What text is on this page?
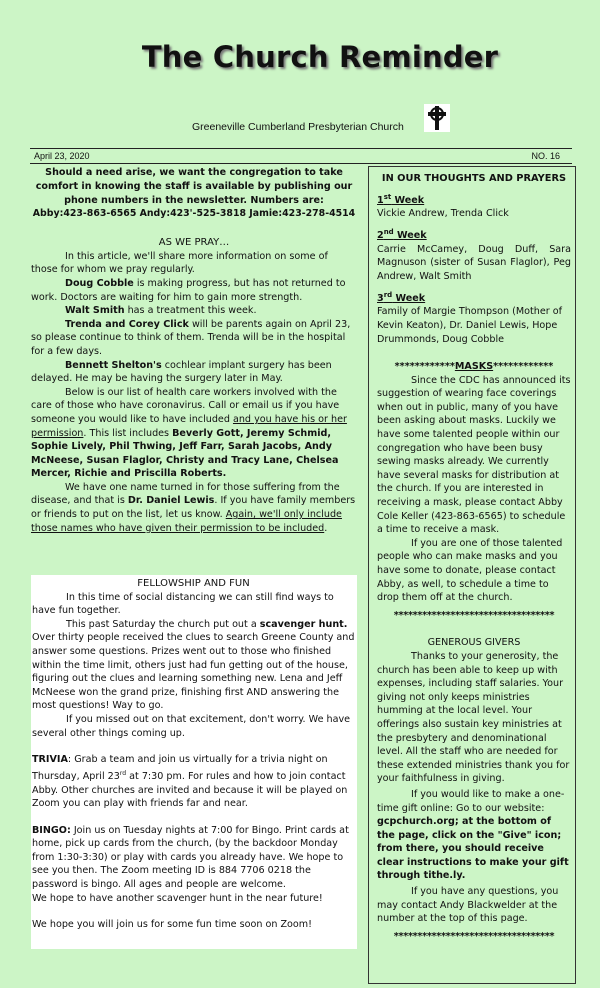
The Church Reminder
Greeneville Cumberland Presbyterian Church
April 23, 2020	NO. 16
Should a need arise, we want the congregation to take comfort in knowing the staff is available by publishing our phone numbers in the newsletter. Numbers are:
Abby:423-863-6565 Andy:423'-525-3818 Jamie:423-278-4514

AS WE PRAY…

In this article, we'll share more information on some of those for whom we pray regularly.

Doug Cobble is making progress, but has not returned to work. Doctors are waiting for him to gain more strength.

Walt Smith has a treatment this week.

Trenda and Corey Click will be parents again on April 23, so please continue to think of them. Trenda will be in the hospital for a few days.

Bennett Shelton's cochlear implant surgery has been delayed. He may be having the surgery later in May.

Below is our list of health care workers involved with the care of those who have coronavirus. Call or email us if you have someone you would like to have included and you have his or her permission. This list includes Beverly Gott, Jeremy Schmid, Sophie Lively, Phil Thwing, Jeff Farr, Sarah Jacobs, Andy McNeese, Susan Flaglor, Christy and Tracy Lane, Chelsea Mercer, Richie and Priscilla Roberts.

We have one name turned in for those suffering from the disease, and that is Dr. Daniel Lewis. If you have family members or friends to put on the list, let us know. Again, we'll only include those names who have given their permission to be included.

FELLOWSHIP AND FUN

In this time of social distancing we can still find ways to have fun together.

This past Saturday the church put out a scavenger hunt. Over thirty people received the clues to search Greene County and answer some questions. Prizes went out to those who finished within the time limit, others just had fun getting out of the house, figuring out the clues and learning something new. Lena and Jeff McNeese won the grand prize, finishing first AND answering the most questions! Way to go.

If you missed out on that excitement, don't worry. We have several other things coming up.

TRIVIA: Grab a team and join us virtually for a trivia night on Thursday, April 23rd at 7:30 pm. For rules and how to join contact Abby. Other churches are invited and because it will be played on Zoom you can play with friends far and near.

BINGO: Join us on Tuesday nights at 7:00 for Bingo. Print cards at home, pick up cards from the church, (by the backdoor Monday from 1:30-3:30) or play with cards you already have. We hope to see you then. The Zoom meeting ID is 884 7706 0218 the password is bingo. All ages and people are welcome.

We hope to have another scavenger hunt in the near future!

We hope you will join us for some fun time soon on Zoom!

IN OUR THOUGHTS AND PRAYERS

1st Week

Vickie Andrew, Trenda Click

2nd Week

Carrie McCamey, Doug Duff, Sara Magnuson (sister of Susan Flaglor), Peg Andrew, Walt Smith

3rd Week

Family of Margie Thompson (Mother of Kevin Keaton), Dr. Daniel Lewis, Hope Drummonds, Doug Cobble

************MASKS************

Since the CDC has announced its suggestion of wearing face coverings when out in public, many of you have been asking about masks. Luckily we have some talented people within our congregation who have been busy sewing masks already. We currently have several masks for distribution at the church. If you are interested in receiving a mask, please contact Abby Cole Keller (423-863-6565) to schedule a time to receive a mask.

If you are one of those talented people who can make masks and you have some to donate, please contact Abby, as well, to schedule a time to drop them off at the church.

**********************************

GENEROUS GIVERS

Thanks to your generosity, the church has been able to keep up with expenses, including staff salaries. Your giving not only keeps ministries humming at the local level. Your offerings also sustain key ministries at the presbytery and denominational level. All the staff who are needed for these extended ministries thank you for your faithfulness in giving.

If you would like to make a one-time gift online: Go to our website: gcpchurch.org; at the bottom of the page, click on the "Give" icon; from there, you should receive clear instructions to make your gift through tithe.ly.

If you have any questions, you may contact Andy Blackwelder at the number at the top of this page.

**********************************
